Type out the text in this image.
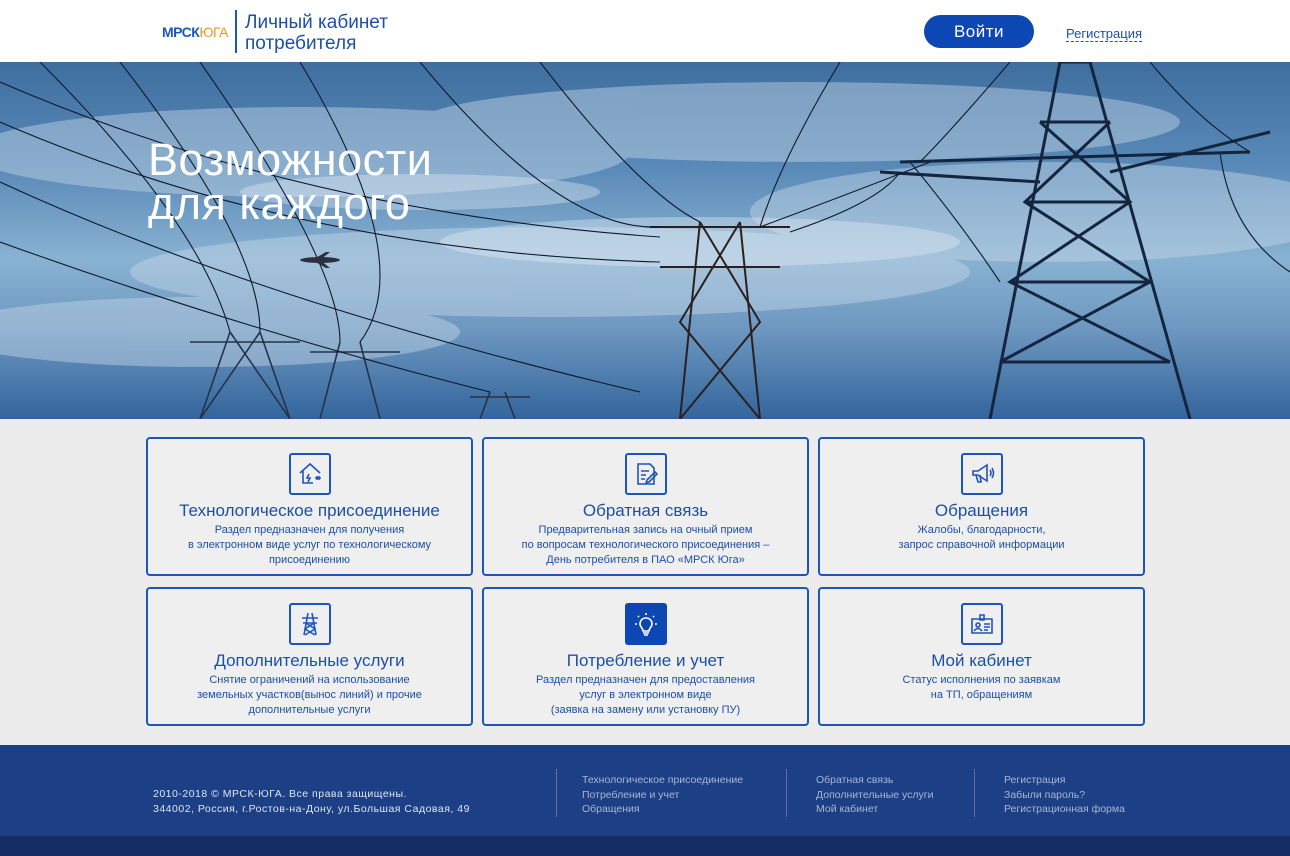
МРСК ЮГА Личный кабинет
потребителя
Войти	Регистрация
Возможности
для каждого
Технологическое присоединение
Раздел предназначен для получения
в электронном виде услуг по технологическому
присоединению
Обратная связь
Предварительная запись на очный прием
по вопросам технологического присоединения –
День потребителя в ПАО «МРСК Юга»
Обращения
Жалобы, благодарности,
запрос справочной информации
Дополнительные услуги
Снятие ограничений на использование
земельных участков(вынос линий) и прочие
дополнительные услуги
Потребление и учет
Раздел предназначен для предоставления
услуг в электронном виде
(заявка на замену или установку ПУ)
Мой кабинет
Статус исполнения по заявкам
на ТП, обращениям
2010-2018 © МРСК-ЮГА. Все права защищены.
344002, Россия, г.Ростов-на-Дону, ул.Большая Садовая, 49
Технологическое присоединение
Потребление и учет
Обращения
Обратная связь
Дополнительные услуги
Мой кабинет
Регистрация
Забыли пароль?
Регистрационная форма
